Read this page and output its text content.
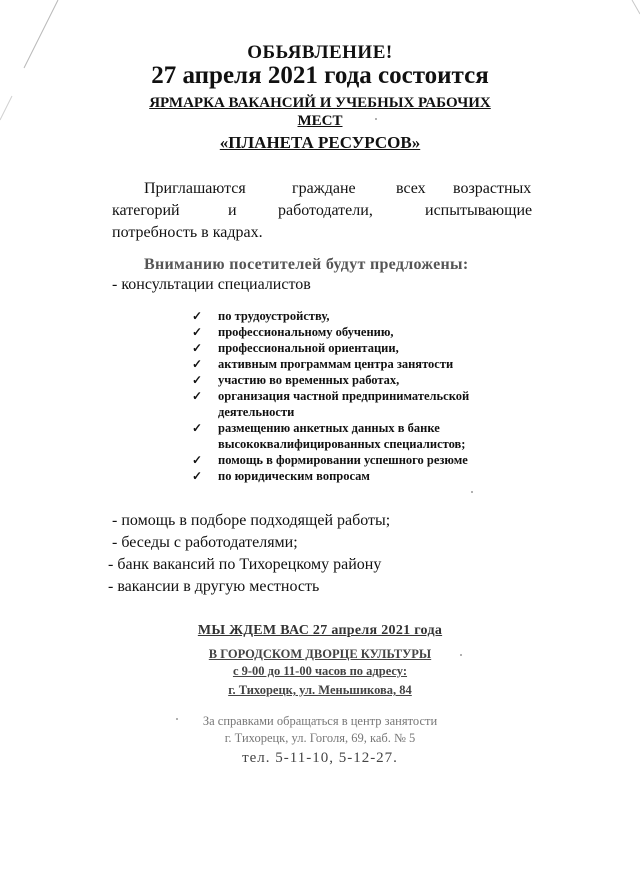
ОБЬЯВЛЕНИЕ!
27 апреля 2021 года состоится
ЯРМАРКА ВАКАНСИЙ И УЧЕБНЫХ РАБОЧИХ
МЕСТ
«ПЛАНЕТА РЕСУРСОВ»
Приглашаются	граждане	всех возрастных
категорий	и	работодатели,	испытывающие
потребность в кадрах.
Вниманию посетителей будут предложены:
- консультации специалистов
✓	по трудоустройству,
✓	профессиональному обучению,
✓	профессиональной ориентации,
✓	активным программам центра занятости
✓	участию во временных работах,
✓	организация частной предпринимательской деятельности
✓	размещению анкетных данных в банке высококвалифицированных специалистов;
✓	помощь в формировании успешного резюме
✓	по юридическим вопросам
- помощь в подборе подходящей работы;
- беседы с работодателями;
- банк вакансий по Тихорецкому району
- вакансии в другую местность
МЫ ЖДЕМ ВАС 27 апреля 2021 года
В ГОРОДСКОМ ДВОРЦЕ КУЛЬТУРЫ
с 9-00 до 11-00 часов по адресу:
г. Тихорецк, ул. Меньшикова, 84
За справками обращаться в центр занятости
г. Тихорецк, ул. Гоголя, 69, каб. № 5
тел. 5-11-10, 5-12-27.
